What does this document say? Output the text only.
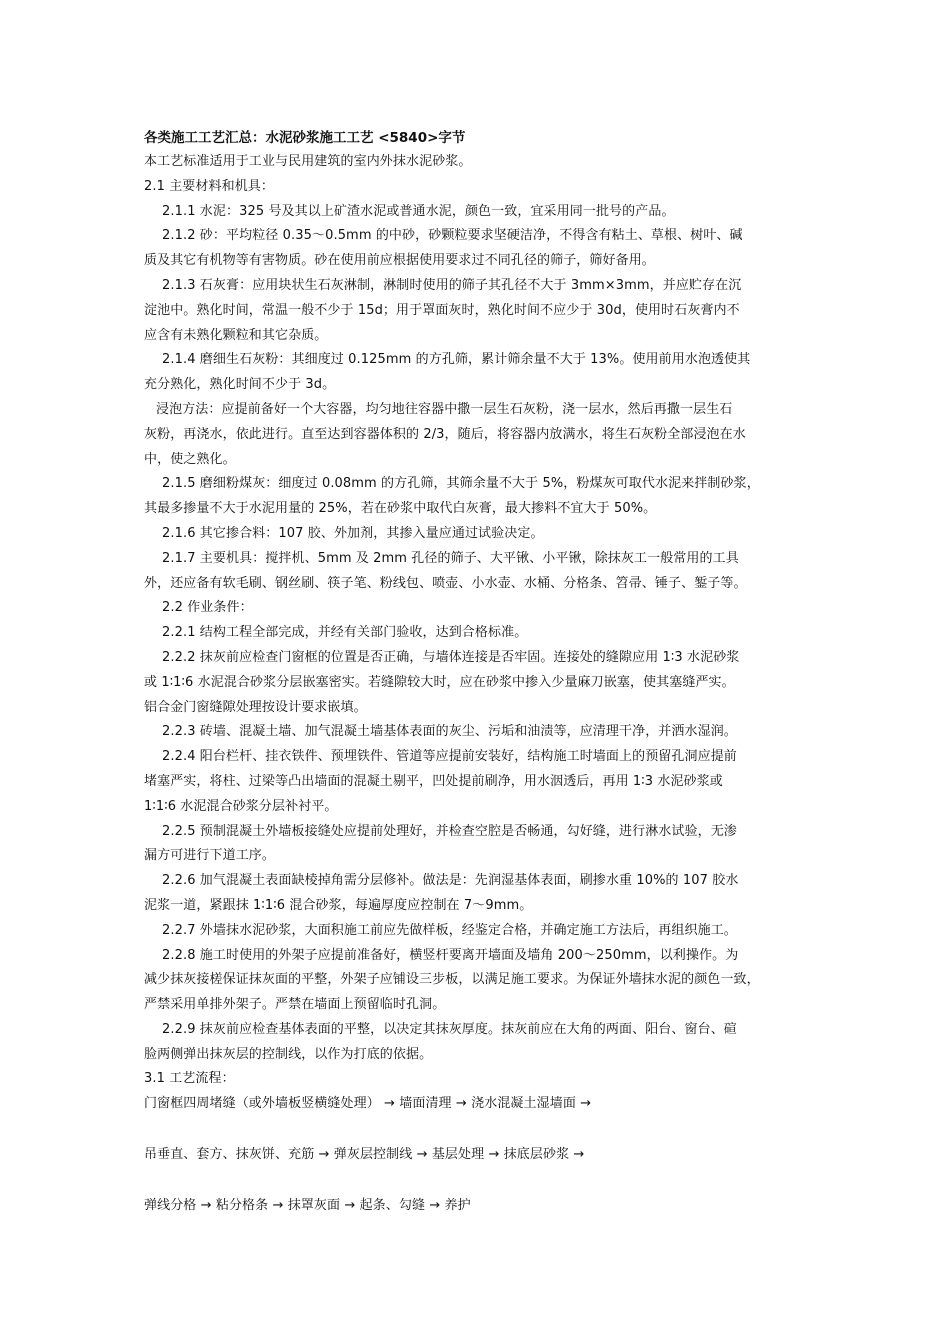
各类施工工艺汇总：水泥砂浆施工工艺 <5840>字节

本工艺标准适用于工业与民用建筑的室内外抹水泥砂浆。

2.1 主要材料和机具：

2.1.1 水泥：325 号及其以上矿渣水泥或普通水泥，颜色一致，宜采用同一批号的产品。

2.1.2 砂：平均粒径 0.35～0.5mm 的中砂，砂颗粒要求坚硬洁净，不得含有粘土、草根、树叶、碱

质及其它有机物等有害物质。砂在使用前应根据使用要求过不同孔径的筛子，筛好备用。

2.1.3 石灰膏：应用块状生石灰淋制，淋制时使用的筛子其孔径不大于 3mm×3mm，并应贮存在沉

淀池中。熟化时间，常温一般不少于 15d；用于罩面灰时，熟化时间不应少于 30d，使用时石灰膏内不

应含有未熟化颗粒和其它杂质。

2.1.4 磨细生石灰粉：其细度过 0.125mm 的方孔筛，累计筛余量不大于 13%。使用前用水泡透使其

充分熟化，熟化时间不少于 3d。

浸泡方法：应提前备好一个大容器，均匀地往容器中撒一层生石灰粉，浇一层水，然后再撒一层生石

灰粉，再浇水，依此进行。直至达到容器体积的 2/3，随后，将容器内放满水，将生石灰粉全部浸泡在水

中，使之熟化。

2.1.5 磨细粉煤灰：细度过 0.08mm 的方孔筛，其筛余量不大于 5%，粉煤灰可取代水泥来拌制砂浆，

其最多掺量不大于水泥用量的 25%，若在砂浆中取代白灰膏，最大掺料不宜大于 50%。

2.1.6 其它掺合料：107 胶、外加剂，其掺入量应通过试验决定。

2.1.7 主要机具：搅拌机、5mm 及 2mm 孔径的筛子、大平锹、小平锹，除抹灰工一般常用的工具

外，还应备有软毛刷、钢丝刷、筷子笔、粉线包、喷壶、小水壶、水桶、分格条、笤帚、锤子、錾子等。

2.2 作业条件：

2.2.1 结构工程全部完成，并经有关部门验收，达到合格标准。

2.2.2 抹灰前应检查门窗框的位置是否正确，与墙体连接是否牢固。连接处的缝隙应用 1∶3 水泥砂浆

或 1∶1∶6 水泥混合砂浆分层嵌塞密实。若缝隙较大时，应在砂浆中掺入少量麻刀嵌塞，使其塞缝严实。

铝合金门窗缝隙处理按设计要求嵌填。

2.2.3 砖墙、混凝土墙、加气混凝土墙基体表面的灰尘、污垢和油渍等，应清理干净，并洒水湿润。

2.2.4 阳台栏杆、挂衣铁件、预埋铁件、管道等应提前安装好，结构施工时墙面上的预留孔洞应提前

堵塞严实，将柱、过梁等凸出墙面的混凝土剔平，凹处提前刷净，用水洇透后，再用 1∶3 水泥砂浆或

1∶1∶6 水泥混合砂浆分层补衬平。

2.2.5 预制混凝土外墙板接缝处应提前处理好，并检查空腔是否畅通，勾好缝，进行淋水试验，无渗

漏方可进行下道工序。

2.2.6 加气混凝土表面缺棱掉角需分层修补。做法是：先润湿基体表面，刷掺水重 10%的 107 胶水

泥浆一道，紧跟抹 1∶1∶6 混合砂浆，每遍厚度应控制在 7～9mm。

2.2.7 外墙抹水泥砂浆，大面积施工前应先做样板，经鉴定合格，并确定施工方法后，再组织施工。

2.2.8 施工时使用的外架子应提前准备好，横竖杆要离开墙面及墙角 200～250mm，以利操作。为

减少抹灰接槎保证抹灰面的平整，外架子应铺设三步板，以满足施工要求。为保证外墙抹水泥的颜色一致，

严禁采用单排外架子。严禁在墙面上预留临时孔洞。

2.2.9 抹灰前应检查基体表面的平整，以决定其抹灰厚度。抹灰前应在大角的两面、阳台、窗台、碹

脸两侧弹出抹灰层的控制线，以作为打底的依据。

3.1 工艺流程：

门窗框四周堵缝（或外墙板竖横缝处理） → 墙面清理 → 浇水混凝土湿墙面 →

吊垂直、套方、抹灰饼、充筋 → 弹灰层控制线 → 基层处理 → 抹底层砂浆 →

弹线分格 → 粘分格条 → 抹罩灰面 → 起条、勾缝 → 养护
